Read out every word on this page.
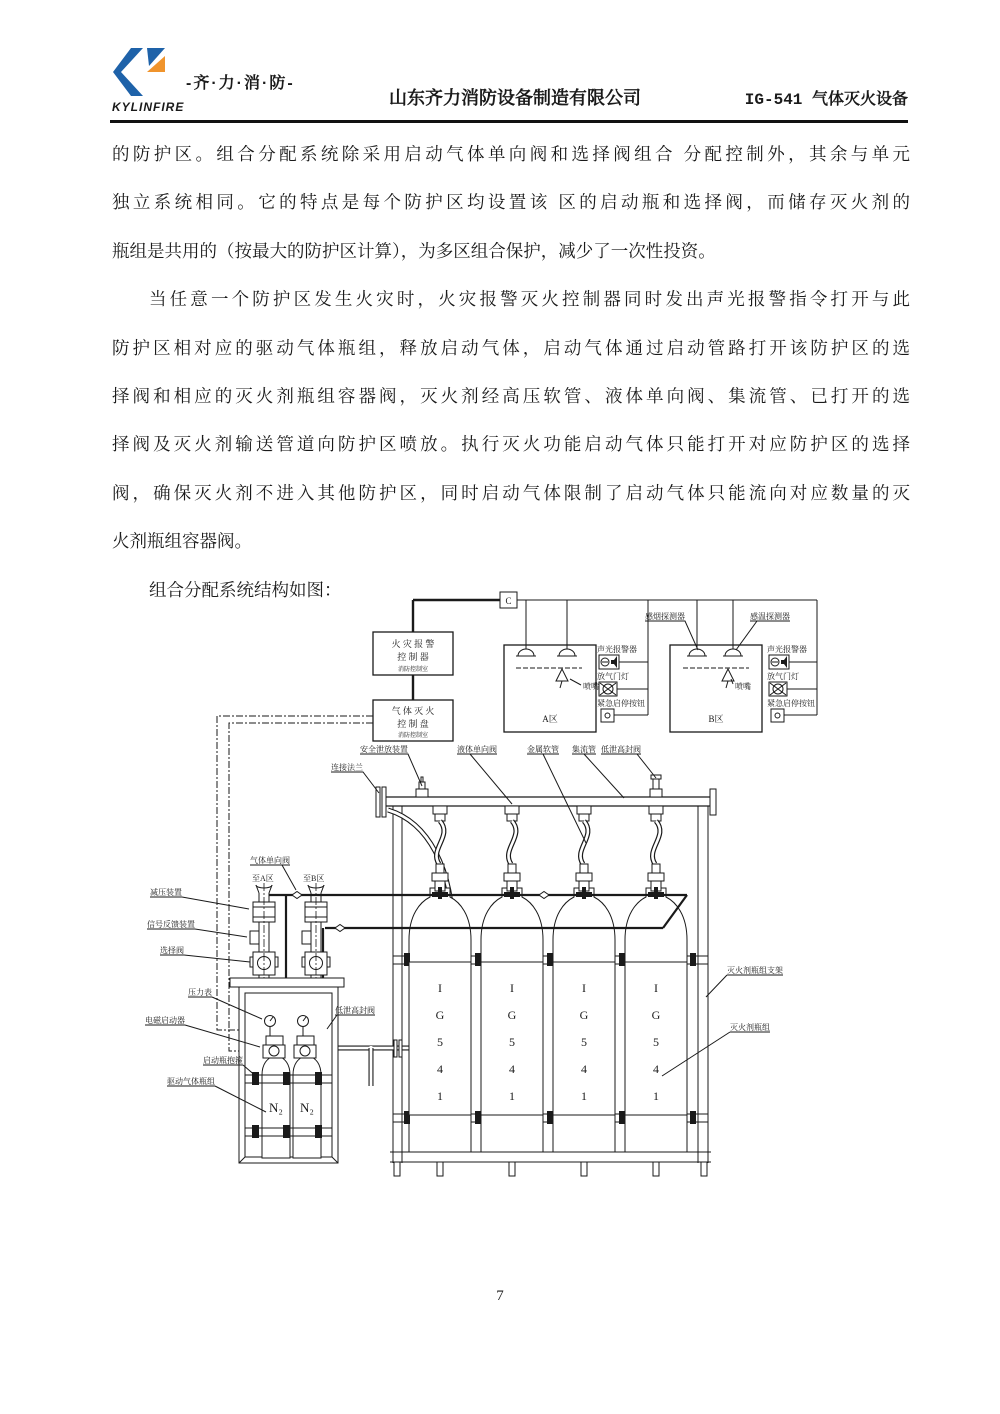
KYLINFIRE
-齐·力·消·防-
山东齐力消防设备制造有限公司	IG-541 气体灭火设备
的防护区。组合分配系统除采用启动气体单向阀和选择阀组合 分配控制外，其余与单元
独立系统相同。它的特点是每个防护区均设置该 区的启动瓶和选择阀，而储存灭火剂的
瓶组是共用的（按最大的防护区计算），为多区组合保护，减少了一次性投资。
当任意一个防护区发生火灾时，火灾报警灭火控制器同时发出声光报警指令打开与此
防护区相对应的驱动气体瓶组，释放启动气体，启动气体通过启动管路打开该防护区的选
择阀和相应的灭火剂瓶组容器阀，灭火剂经高压软管、液体单向阀、集流管、已打开的选
择阀及灭火剂输送管道向防护区喷放。执行灭火功能启动气体只能打开对应防护区的选择
阀，确保灭火剂不进入其他防护区，同时启动气体限制了启动气体只能流向对应数量的灭
火剂瓶组容器阀。
组合分配系统结构如图：
C
火 灾 报 警
控 制 器
消防控制室
气 体 灭 火
控 制 盘
消防控制室
喷嘴
A区
声光报警器
放气门灯
紧急启停按钮
喷嘴
B区
感烟探测器	感温探测器
声光报警器
放气门灯
紧急启停按钮
I
G
5
4
1
I
G
5
4
1
I
G
5
4
1
I
G
5
4
1
N₂ N₂
安全泄放装置
连接法兰
液体单向阀	金属软管 集流管 低泄高封阀
气体单向阀
至A区	至B区
减压装置
信号反馈装置
选择阀
压力表
电磁启动器
低泄高封阀
启动瓶抱箍
驱动气体瓶组
灭火剂瓶组支架
灭火剂瓶组
7
